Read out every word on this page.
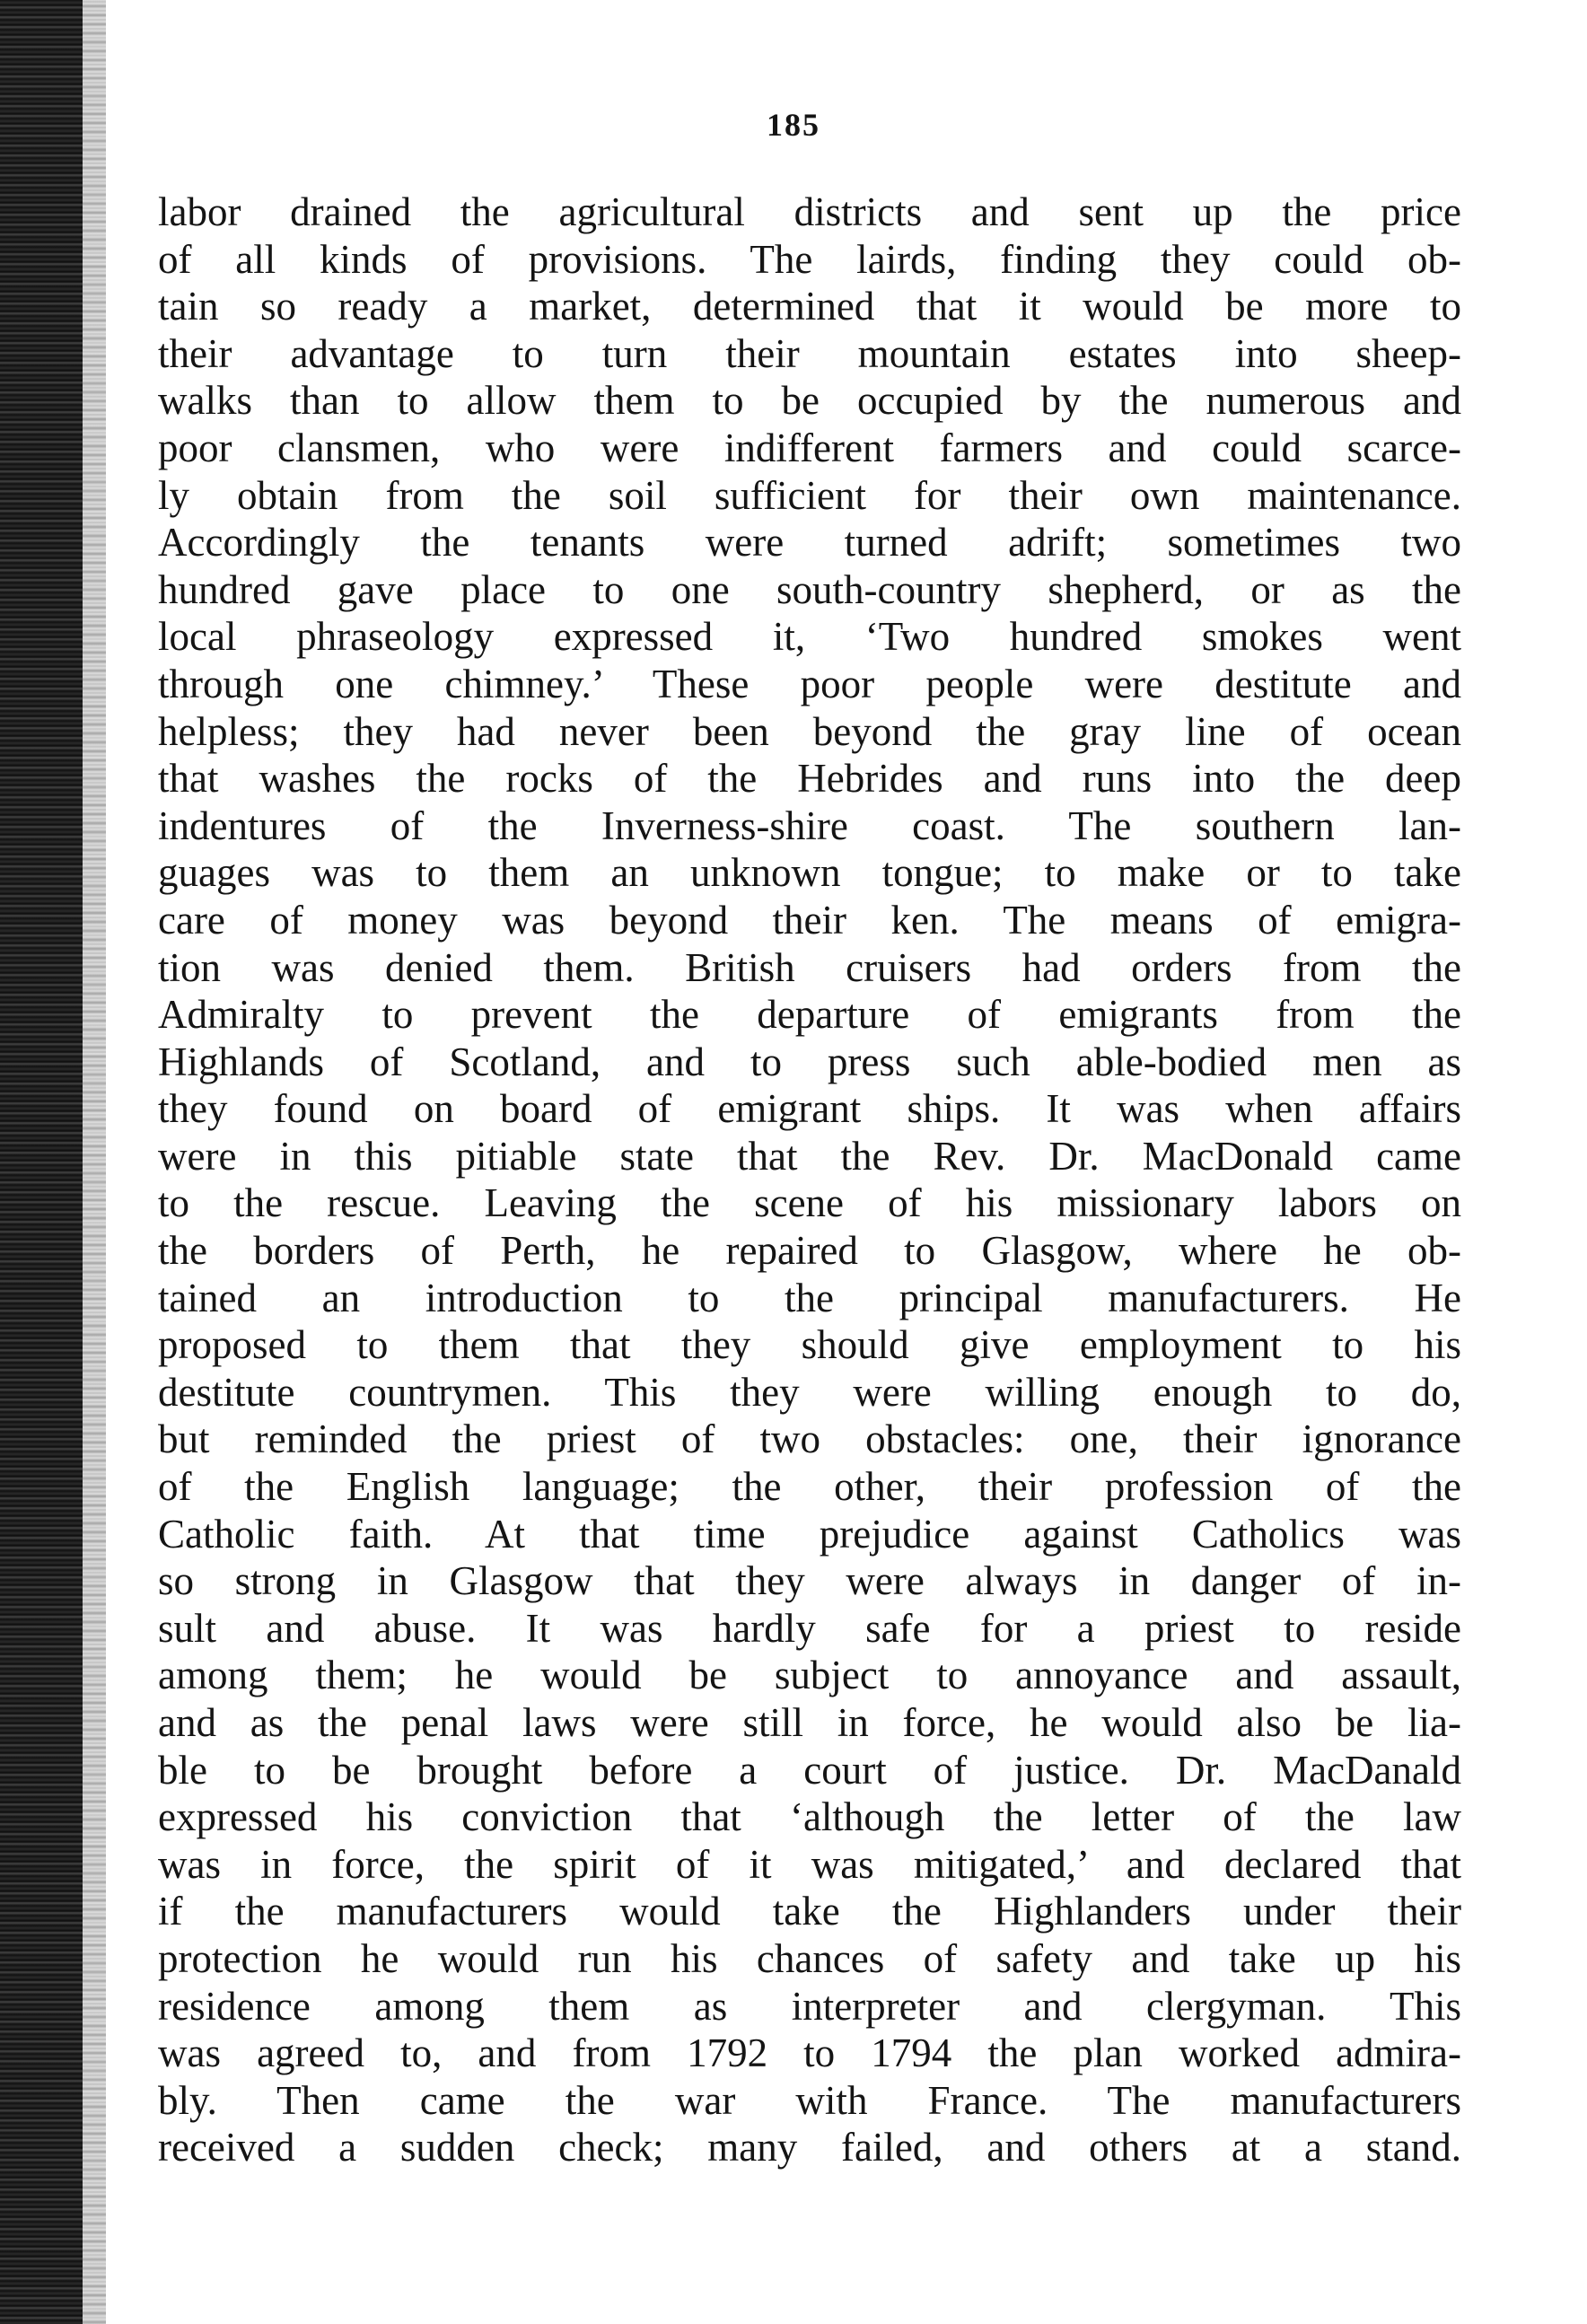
185

labor drained the agricultural districts and sent up the price
of all kinds of provisions. The lairds, finding they could ob-
tain so ready a market, determined that it would be more to
their advantage to turn their mountain estates into sheep-
walks than to allow them to be occupied by the numerous and
poor clansmen, who were indifferent farmers and could scarce-
ly obtain from the soil sufficient for their own maintenance.
Accordingly the tenants were turned adrift; sometimes two
hundred gave place to one south-country shepherd, or as the
local phraseology expressed it, ‘Two hundred smokes went
through one chimney.’ These poor people were destitute and
helpless; they had never been beyond the gray line of ocean
that washes the rocks of the Hebrides and runs into the deep
indentures of the Inverness-shire coast. The southern lan-
guages was to them an unknown tongue; to make or to take
care of money was beyond their ken. The means of emigra-
tion was denied them. British cruisers had orders from the
Admiralty to prevent the departure of emigrants from the
Highlands of Scotland, and to press such able-bodied men as
they found on board of emigrant ships. It was when affairs
were in this pitiable state that the Rev. Dr. MacDonald came
to the rescue. Leaving the scene of his missionary labors on
the borders of Perth, he repaired to Glasgow, where he ob-
tained an introduction to the principal manufacturers. He
proposed to them that they should give employment to his
destitute countrymen. This they were willing enough to do,
but reminded the priest of two obstacles: one, their ignorance
of the English language; the other, their profession of the
Catholic faith. At that time prejudice against Catholics was
so strong in Glasgow that they were always in danger of in-
sult and abuse. It was hardly safe for a priest to reside
among them; he would be subject to annoyance and assault,
and as the penal laws were still in force, he would also be lia-
ble to be brought before a court of justice. Dr. MacDanald
expressed his conviction that ‘although the letter of the law
was in force, the spirit of it was mitigated,’ and declared that
if the manufacturers would take the Highlanders under their
protection he would run his chances of safety and take up his
residence among them as interpreter and clergyman. This
was agreed to, and from 1792 to 1794 the plan worked admira-
bly. Then came the war with France. The manufacturers
received a sudden check; many failed, and others at a stand.
